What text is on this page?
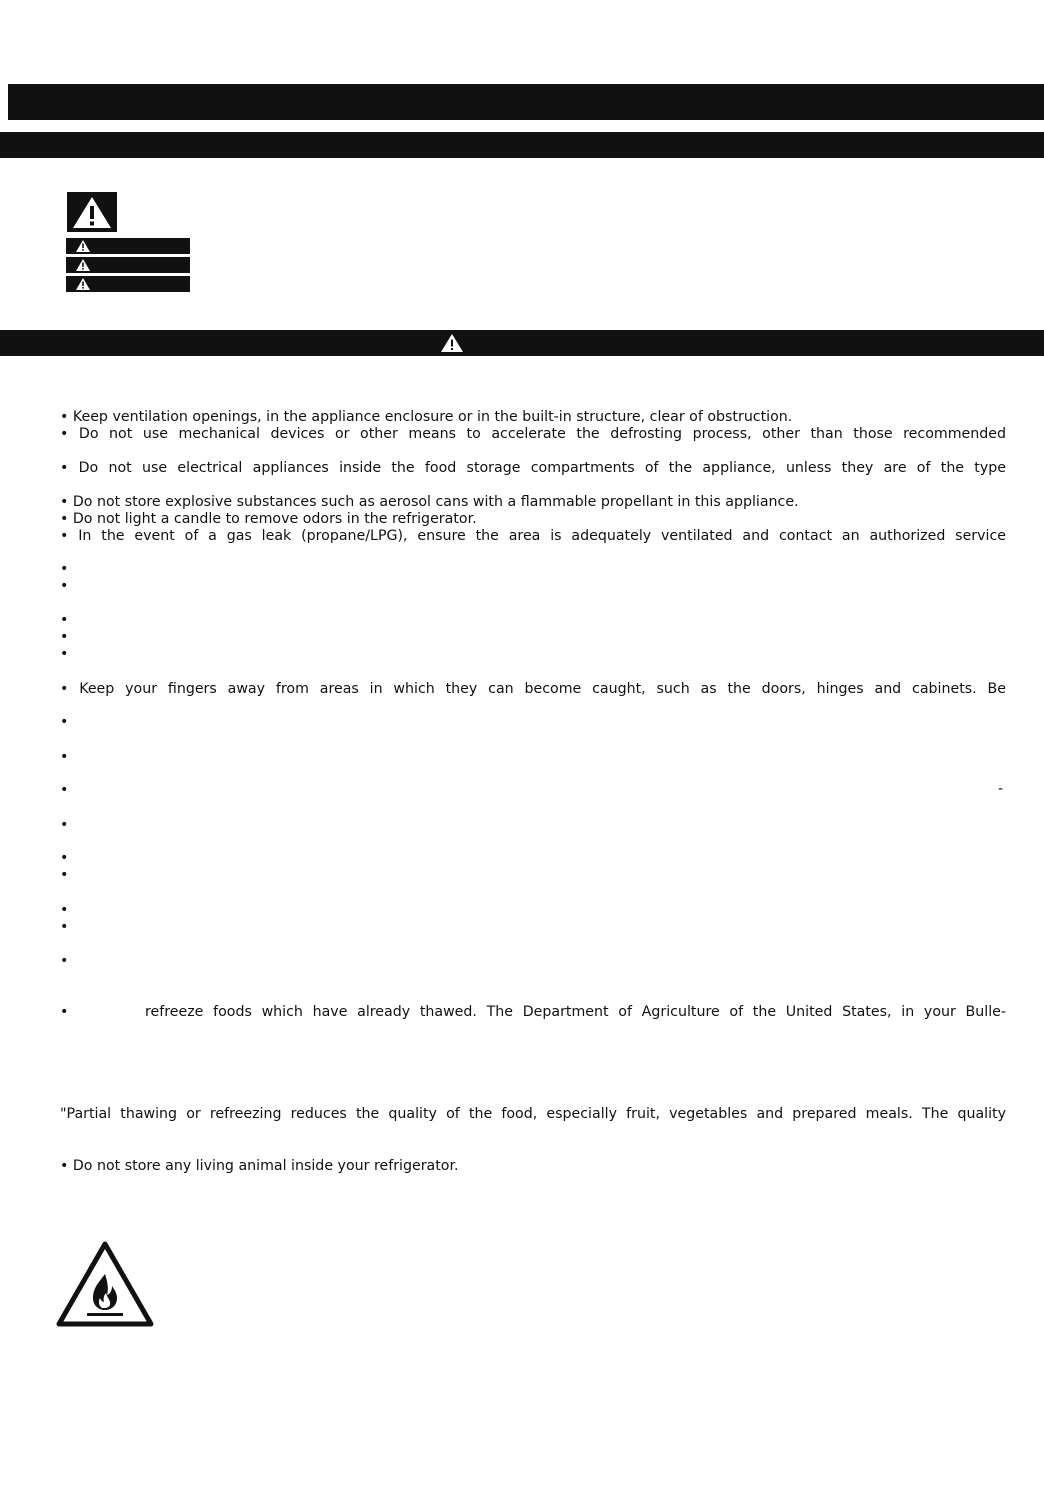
• Keep ventilation openings, in the appliance enclosure or in the built-in structure, clear of obstruction.
• Do not use mechanical devices or other means to accelerate the defrosting process, other than those recommended
• Do not use electrical appliances inside the food storage compartments of the appliance, unless they are of the type
• Do not store explosive substances such as aerosol cans with a flammable propellant in this appliance.
• Do not light a candle to remove odors in the refrigerator.
• In the event of a gas leak (propane/LPG), ensure the area is adequately ventilated and contact an authorized service
•
•
•
•
•
• Keep your fingers away from areas in which they can become caught, such as the doors, hinges and cabinets. Be
•
•
•	-
•
•
•
•
•
•
•	refreeze foods which have already thawed. The Department of Agriculture of the United States, in your Bulle-
"Partial thawing or refreezing reduces the quality of the food, especially fruit, vegetables and prepared meals. The quality
• Do not store any living animal inside your refrigerator.
